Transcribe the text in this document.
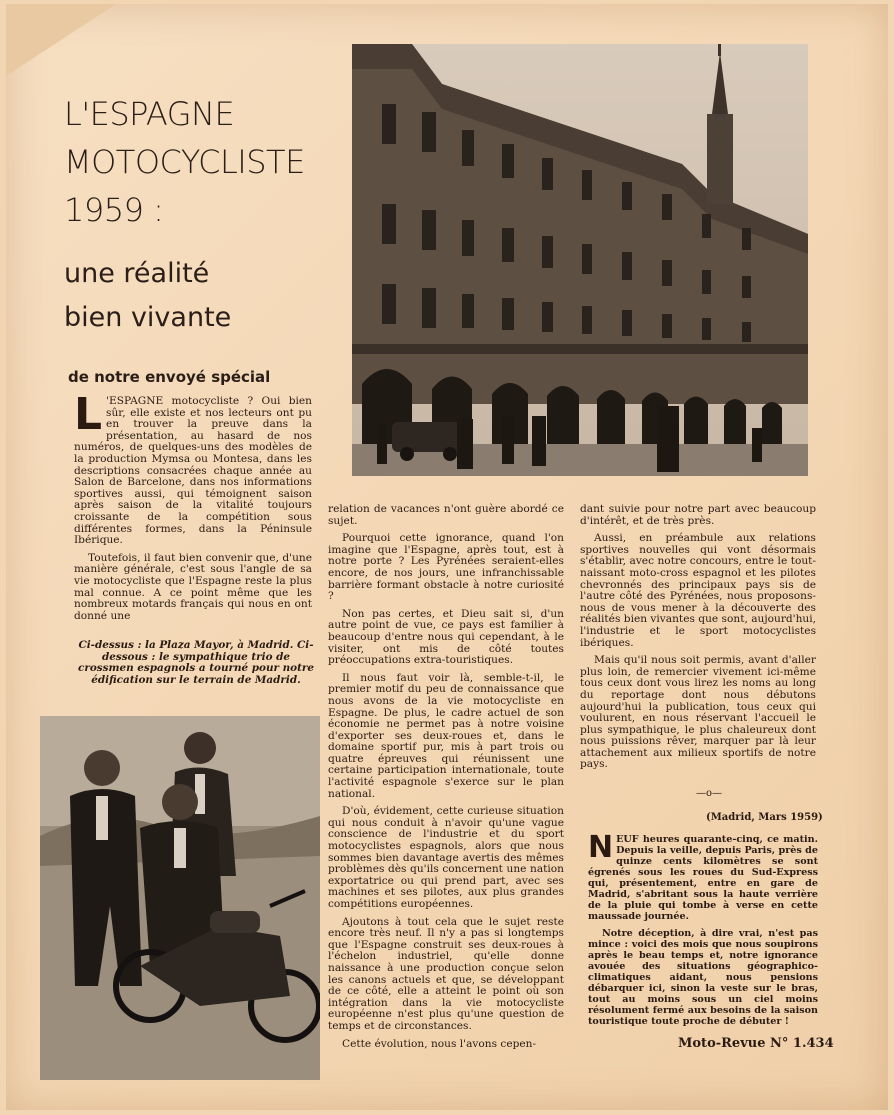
L'ESPAGNE
MOTOCYCLISTE
1959 :
une réalité
bien vivante
de notre envoyé spécial

L 'ESPAGNE motocycliste ? Oui bien sûr, elle existe et nos lecteurs ont pu en trouver la preuve dans la présentation, au hasard de nos numéros, de quelques-uns des modèles de la production Mymsa ou Montesa, dans les descriptions consacrées chaque année au Salon de Barcelone, dans nos informations sportives aussi, qui témoignent saison après saison de la vitalité toujours croissante de la compétition sous différentes formes, dans la Péninsule Ibérique.

Toutefois, il faut bien convenir que, d'une manière générale, c'est sous l'angle de sa vie motocycliste que l'Espagne reste la plus mal connue. A ce point même que les nombreux motards français qui nous en ont donné une

Ci-dessus : la Plaza Mayor, à Madrid. Ci-dessous : le sympathique trio de crossmen espagnols a tourné pour notre édification sur le terrain de Madrid.

relation de vacances n'ont guère abordé ce sujet.

Pourquoi cette ignorance, quand l'on imagine que l'Espagne, après tout, est à notre porte ? Les Pyrénées seraient-elles encore, de nos jours, une infranchissable barrière formant obstacle à notre curiosité ?

Non pas certes, et Dieu sait si, d'un autre point de vue, ce pays est familier à beaucoup d'entre nous qui cependant, à le visiter, ont mis de côté toutes préoccupations extra-touristiques.

Il nous faut voir là, semble-t-il, le premier motif du peu de connaissance que nous avons de la vie motocycliste en Espagne. De plus, le cadre actuel de son économie ne permet pas à notre voisine d'exporter ses deux-roues et, dans le domaine sportif pur, mis à part trois ou quatre épreuves qui réunissent une certaine participation internationale, toute l'activité espagnole s'exerce sur le plan national.

D'où, évidement, cette curieuse situation qui nous conduit à n'avoir qu'une vague conscience de l'industrie et du sport motocyclistes espagnols, alors que nous sommes bien davantage avertis des mêmes problèmes dès qu'ils concernent une nation exportatrice ou qui prend part, avec ses machines et ses pilotes, aux plus grandes compétitions européennes.

Ajoutons à tout cela que le sujet reste encore très neuf. Il n'y a pas si longtemps que l'Espagne construit ses deux-roues à l'échelon industriel, qu'elle donne naissance à une production conçue selon les canons actuels et que, se développant de ce côté, elle a atteint le point où son intégration dans la vie motocycliste européenne n'est plus qu'une question de temps et de circonstances.

Cette évolution, nous l'avons cepen-

dant suivie pour notre part avec beaucoup d'intérêt, et de très près.

Aussi, en préambule aux relations sportives nouvelles qui vont désormais s'établir, avec notre concours, entre le tout-naissant moto-cross espagnol et les pilotes chevronnés des principaux pays sis de l'autre côté des Pyrénées, nous proposons-nous de vous mener à la découverte des réalités bien vivantes que sont, aujourd'hui, l'industrie et le sport motocyclistes ibériques.

Mais qu'il nous soit permis, avant d'aller plus loin, de remercier vivement ici-même tous ceux dont vous lirez les noms au long du reportage dont nous débutons aujourd'hui la publication, tous ceux qui voulurent, en nous réservant l'accueil le plus sympathique, le plus chaleureux dont nous puissions rêver, marquer par là leur attachement aux milieux sportifs de notre pays.

—o—
(Madrid, Mars 1959)

NEUF heures quarante-cinq, ce matin. Depuis la veille, depuis Paris, près de quinze cents kilomètres se sont égrenés sous les roues du Sud-Express qui, présentement, entre en gare de Madrid, s'abritant sous la haute verrière de la pluie qui tombe à verse en cette maussade journée.

Notre déception, à dire vrai, n'est pas mince : voici des mois que nous soupirons après le beau temps et, notre ignorance avouée des situations géographico-climatiques aidant, nous pensions débarquer ici, sinon la veste sur le bras, tout au moins sous un ciel moins résolument fermé aux besoins de la saison touristique toute proche de débuter !

Moto-Revue N° 1.434
